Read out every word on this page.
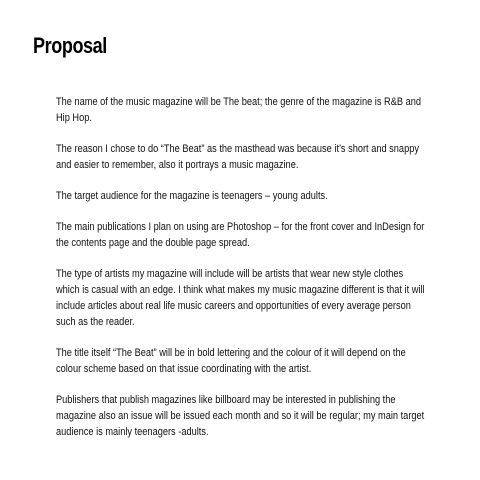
Proposal

The name of the music magazine will be The beat; the genre of the magazine is R&B and Hip Hop.

The reason I chose to do “The Beat” as the masthead was because it’s short and snappy and easier to remember, also it portrays a music magazine.

The target audience for the magazine is teenagers – young adults.

The main publications I plan on using are Photoshop – for the front cover and InDesign for the contents page and the double page spread.

The type of artists my magazine will include will be artists that wear new style clothes which is casual with an edge. I think what makes my music magazine different is that it will include articles about real life music careers and opportunities of every average person such as the reader.

The title itself “The Beat” will be in bold lettering and the colour of it will depend on the colour scheme based on that issue coordinating with the artist.

Publishers that publish magazines like billboard may be interested in publishing the magazine also an issue will be issued each month and so it will be regular; my main target audience is mainly teenagers -adults.
